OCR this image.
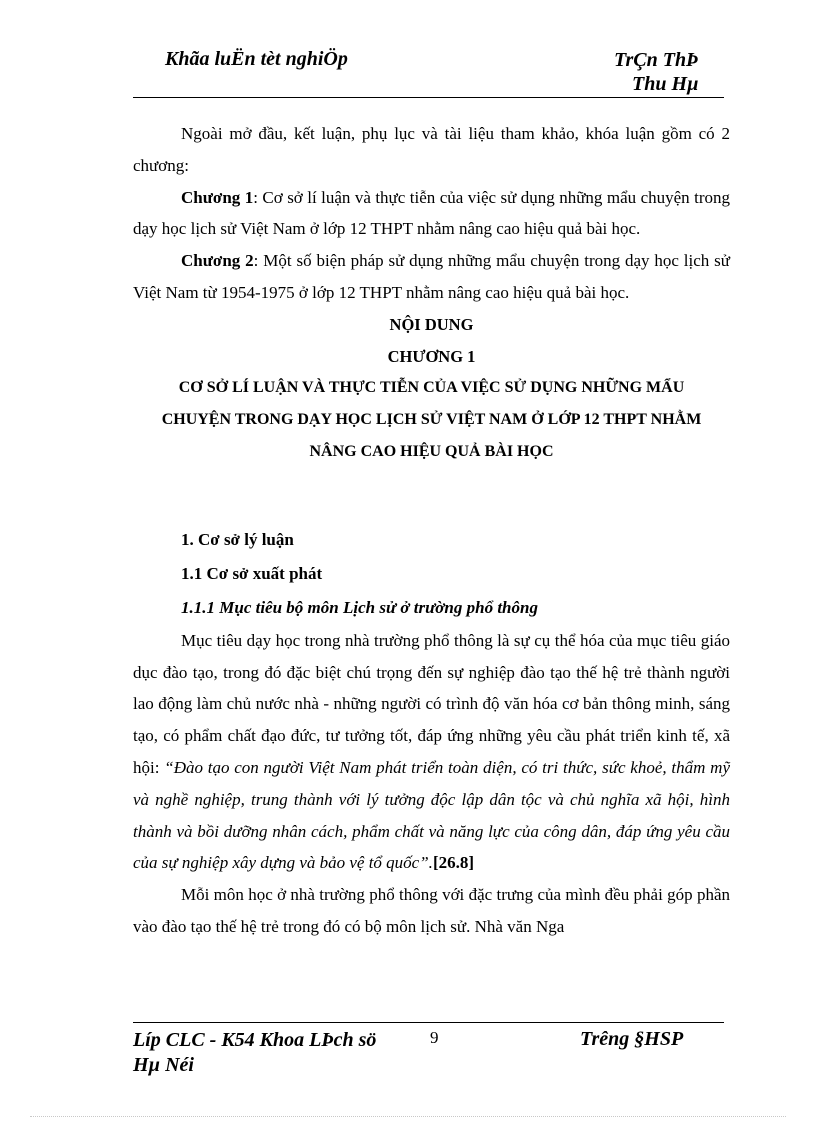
Khãa luËn tèt nghiÖp	TrÇn ThÞ
Thu Hµ

Ngoài mở đầu, kết luận, phụ lục và tài liệu tham khảo, khóa luận gồm có 2 chương:

Chương 1: Cơ sở lí luận và thực tiễn của việc sử dụng những mẩu chuyện trong dạy học lịch sử Việt Nam ở lớp 12 THPT nhằm nâng cao hiệu quả bài học.

Chương 2: Một số biện pháp sử dụng những mẩu chuyện trong dạy học lịch sử Việt Nam từ 1954-1975 ở lớp 12 THPT nhằm nâng cao hiệu quả bài học.

NỘI DUNG
CHƯƠNG 1
CƠ SỞ LÍ LUẬN VÀ THỰC TIỄN CỦA VIỆC SỬ DỤNG NHỮNG MẨU CHUYỆN TRONG DẠY HỌC LỊCH SỬ VIỆT NAM Ở LỚP 12 THPT NHẰM NÂNG CAO HIỆU QUẢ BÀI HỌC
1. Cơ sở lý luận
1.1 Cơ sở xuất phát
1.1.1 Mục tiêu bộ môn Lịch sử ở trường phổ thông

Mục tiêu dạy học trong nhà trường phổ thông là sự cụ thể hóa của mục tiêu giáo dục đào tạo, trong đó đặc biệt chú trọng đến sự nghiệp đào tạo thế hệ trẻ thành người lao động làm chủ nước nhà - những người có trình độ văn hóa cơ bản thông minh, sáng tạo, có phẩm chất đạo đức, tư tưởng tốt, đáp ứng những yêu cầu phát triển kinh tế, xã hội: “Đào tạo con người Việt Nam phát triển toàn diện, có tri thức, sức khoẻ, thẩm mỹ và nghề nghiệp, trung thành với lý tưởng độc lập dân tộc và chủ nghĩa xã hội, hình thành và bồi dưỡng nhân cách, phẩm chất và năng lực của công dân, đáp ứng yêu cầu của sự nghiệp xây dựng và bảo vệ tổ quốc”.[26.8]

Mỗi môn học ở nhà trường phổ thông với đặc trưng của mình đều phải góp phần vào đào tạo thế hệ trẻ trong đó có bộ môn lịch sử. Nhà văn Nga

Líp CLC - K54 Khoa LÞch sö
Hµ Néi
9	Trêng §HSP
